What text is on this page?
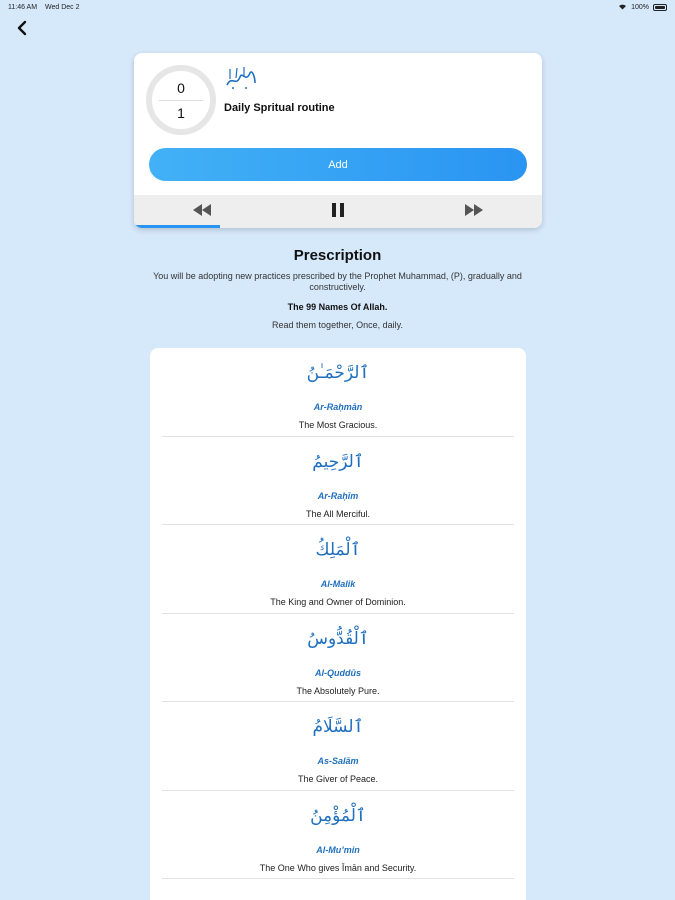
11:46 AM Wed Dec 2	100%
0
1	Daily Spritual routine
Add
Prescription
You will be adopting new practices prescribed by the Prophet Muhammad, (P), gradually and constructively.
The 99 Names Of Allah.
Read them together, Once, daily.
ٱلرَّحْمَـٰنُ
Ar-Raḥmān
The Most Gracious.
ٱلرَّحِيمُ
Ar-Raḥīm
The All Merciful.
ٱلْمَلِكُ
Al-Malik
The King and Owner of Dominion.
ٱلْقُدُّوسُ
Al-Quddūs
The Absolutely Pure.
ٱلسَّلَامُ
As-Salām
The Giver of Peace.
ٱلْمُؤْمِنُ
Al-Mu’min
The One Who gives Īmān and Security.
